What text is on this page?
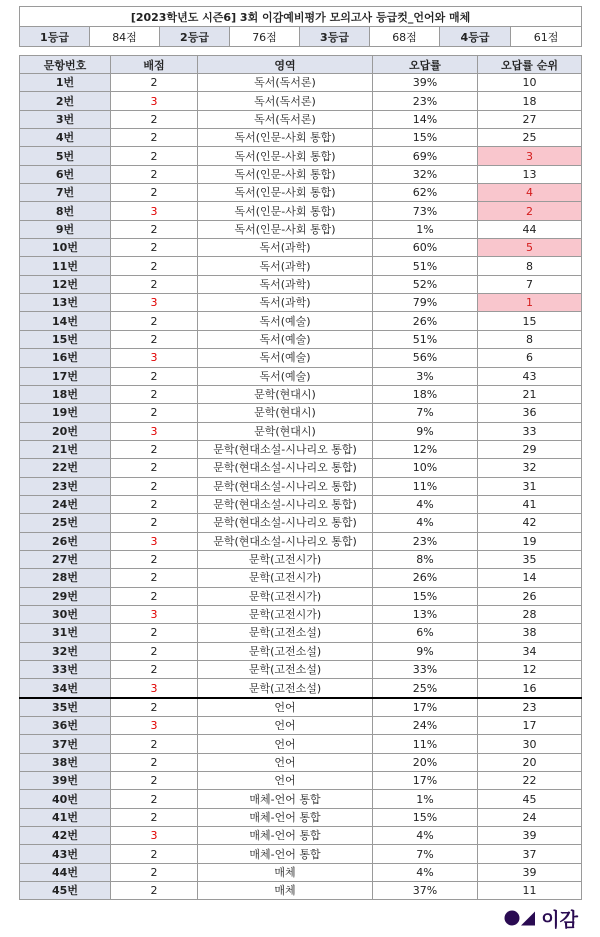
[2023학년도 시즌6] 3회 이감예비평가 모의고사 등급컷_언어와 매체
1등급	84점	2등급	76점	3등급	68점	4등급	61점
문항번호	배점	영역	오답률	오답률 순위
1번	2	독서(독서론)	39%	10
2번	3	독서(독서론)	23%	18
3번	2	독서(독서론)	14%	27
4번	2	독서(인문-사회 통합)	15%	25
5번	2	독서(인문-사회 통합)	69%	3
6번	2	독서(인문-사회 통합)	32%	13
7번	2	독서(인문-사회 통합)	62%	4
8번	3	독서(인문-사회 통합)	73%	2
9번	2	독서(인문-사회 통합)	1%	44
10번	2	독서(과학)	60%	5
11번	2	독서(과학)	51%	8
12번	2	독서(과학)	52%	7
13번	3	독서(과학)	79%	1
14번	2	독서(예술)	26%	15
15번	2	독서(예술)	51%	8
16번	3	독서(예술)	56%	6
17번	2	독서(예술)	3%	43
18번	2	문학(현대시)	18%	21
19번	2	문학(현대시)	7%	36
20번	3	문학(현대시)	9%	33
21번	2	문학(현대소설-시나리오 통합)	12%	29
22번	2	문학(현대소설-시나리오 통합)	10%	32
23번	2	문학(현대소설-시나리오 통합)	11%	31
24번	2	문학(현대소설-시나리오 통합)	4%	41
25번	2	문학(현대소설-시나리오 통합)	4%	42
26번	3	문학(현대소설-시나리오 통합)	23%	19
27번	2	문학(고전시가)	8%	35
28번	2	문학(고전시가)	26%	14
29번	2	문학(고전시가)	15%	26
30번	3	문학(고전시가)	13%	28
31번	2	문학(고전소설)	6%	38
32번	2	문학(고전소설)	9%	34
33번	2	문학(고전소설)	33%	12
34번	3	문학(고전소설)	25%	16
35번	2	언어	17%	23
36번	3	언어	24%	17
37번	2	언어	11%	30
38번	2	언어	20%	20
39번	2	언어	17%	22
40번	2	매체-언어 통합	1%	45
41번	2	매체-언어 통합	15%	24
42번	3	매체-언어 통합	4%	39
43번	2	매체-언어 통합	7%	37
44번	2	매체	4%	39
45번	2	매체	37%	11
이감
